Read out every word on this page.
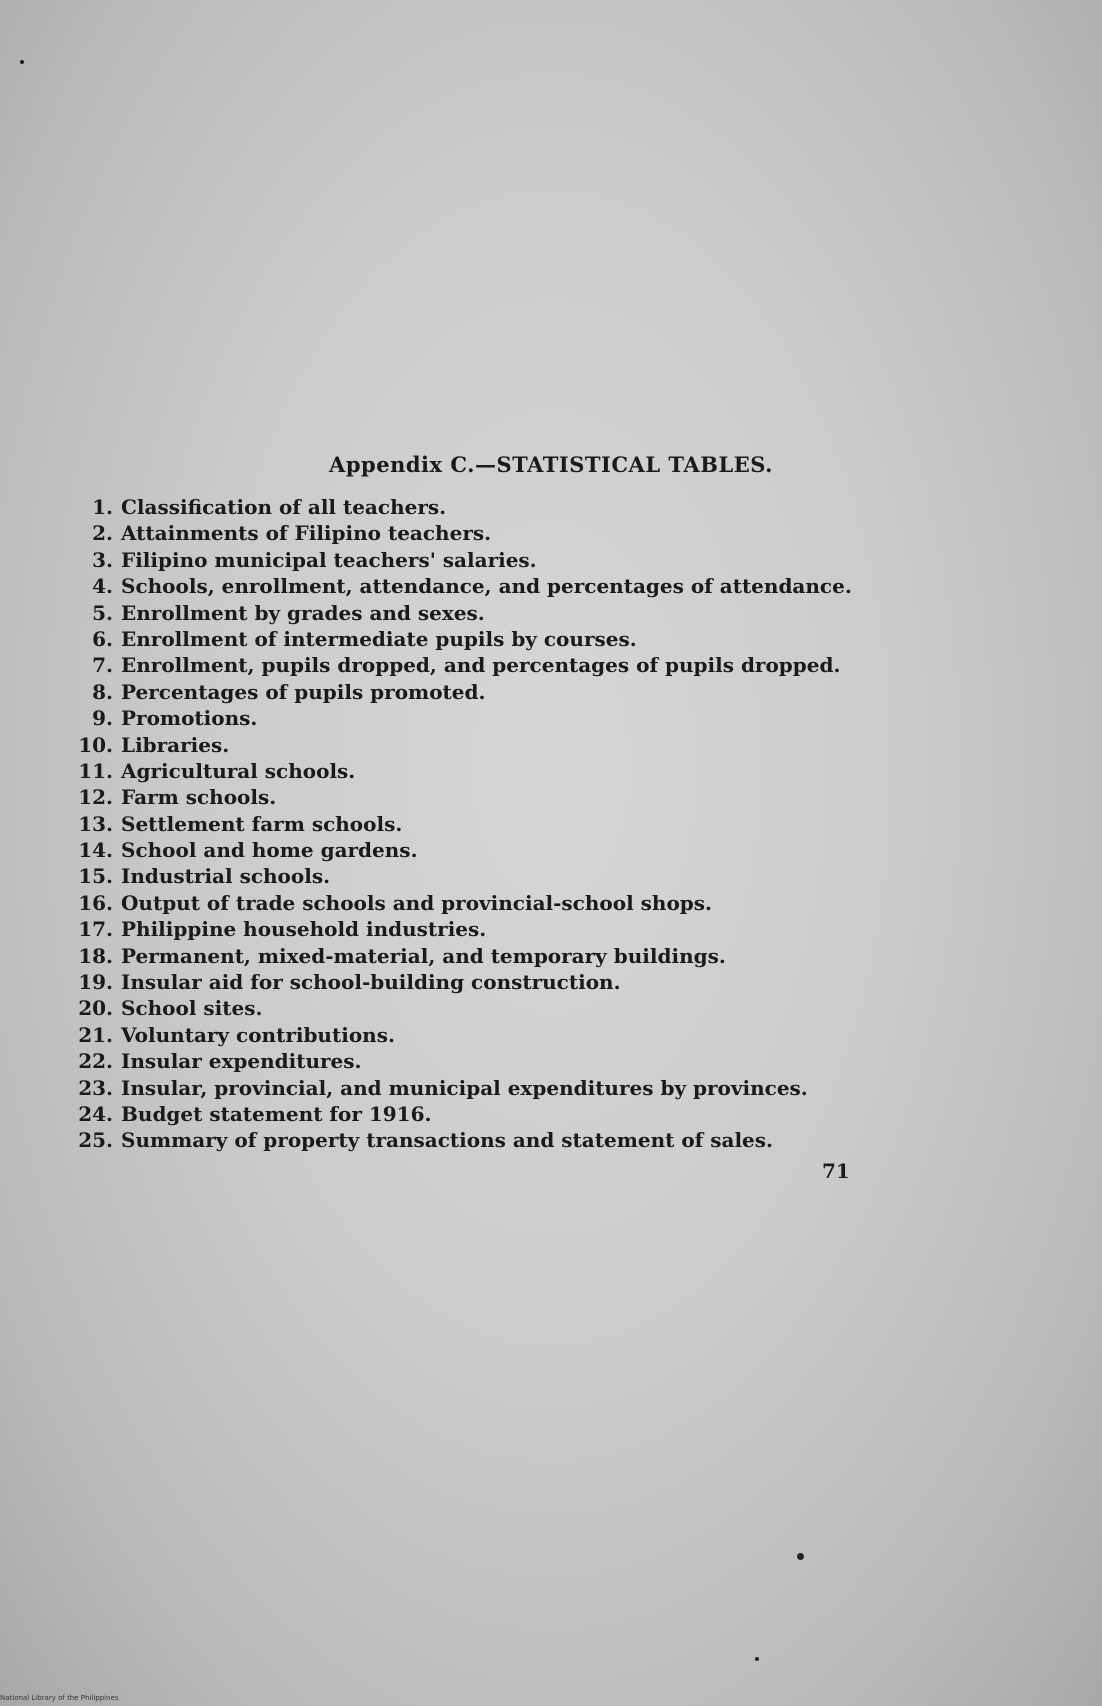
Appendix C.—STATISTICAL TABLES.
1. Classification of all teachers.
2. Attainments of Filipino teachers.
3. Filipino municipal teachers' salaries.
4. Schools, enrollment, attendance, and percentages of attendance.
5. Enrollment by grades and sexes.
6. Enrollment of intermediate pupils by courses.
7. Enrollment, pupils dropped, and percentages of pupils dropped.
8. Percentages of pupils promoted.
9. Promotions.
10. Libraries.
11. Agricultural schools.
12. Farm schools.
13. Settlement farm schools.
14. School and home gardens.
15. Industrial schools.
16. Output of trade schools and provincial-school shops.
17. Philippine household industries.
18. Permanent, mixed-material, and temporary buildings.
19. Insular aid for school-building construction.
20. School sites.
21. Voluntary contributions.
22. Insular expenditures.
23. Insular, provincial, and municipal expenditures by provinces.
24. Budget statement for 1916.
25. Summary of property transactions and statement of sales.
71
National Library of the Philippines
